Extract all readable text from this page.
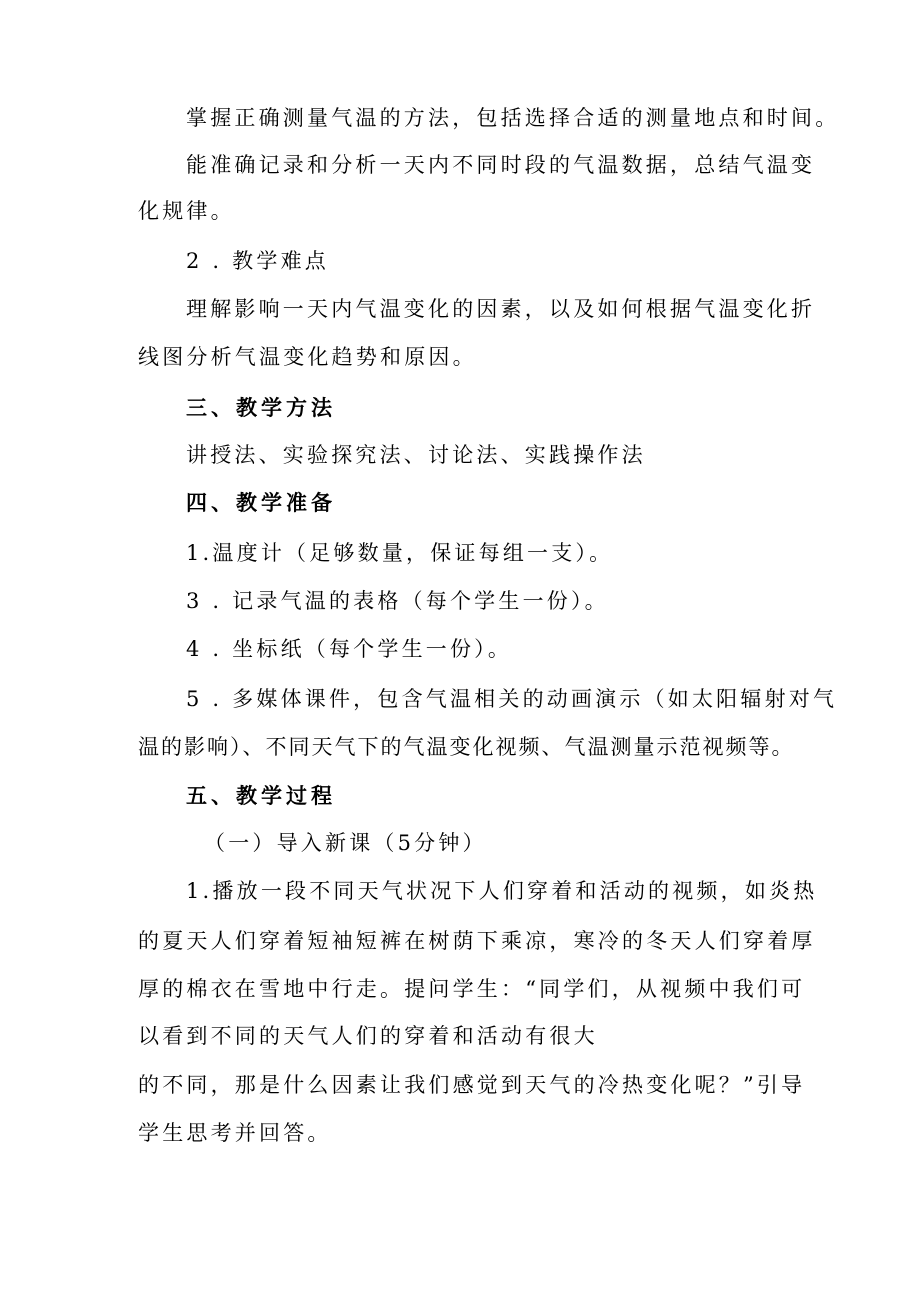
掌握正确测量气温的方法，包括选择合适的测量地点和时间。
能准确记录和分析一天内不同时段的气温数据，总结气温变
化规律。
2 . 教学难点
理解影响一天内气温变化的因素，以及如何根据气温变化折
线图分析气温变化趋势和原因。
三、教学方法
讲授法、实验探究法、讨论法、实践操作法
四、教学准备
1.温度计（足够数量，保证每组一支）。
3 . 记录气温的表格（每个学生一份）。
4 . 坐标纸（每个学生一份）。
5 . 多媒体课件，包含气温相关的动画演示（如太阳辐射对气
温的影响）、不同天气下的气温变化视频、气温测量示范视频等。
五、教学过程
（一）导入新课（5分钟）
1.播放一段不同天气状况下人们穿着和活动的视频，如炎热
的夏天人们穿着短袖短裤在树荫下乘凉，寒冷的冬天人们穿着厚
厚的棉衣在雪地中行走。提问学生：“同学们，从视频中我们可
以看到不同的天气人们的穿着和活动有很大
的不同，那是什么因素让我们感觉到天气的冷热变化呢？”引导
学生思考并回答。
